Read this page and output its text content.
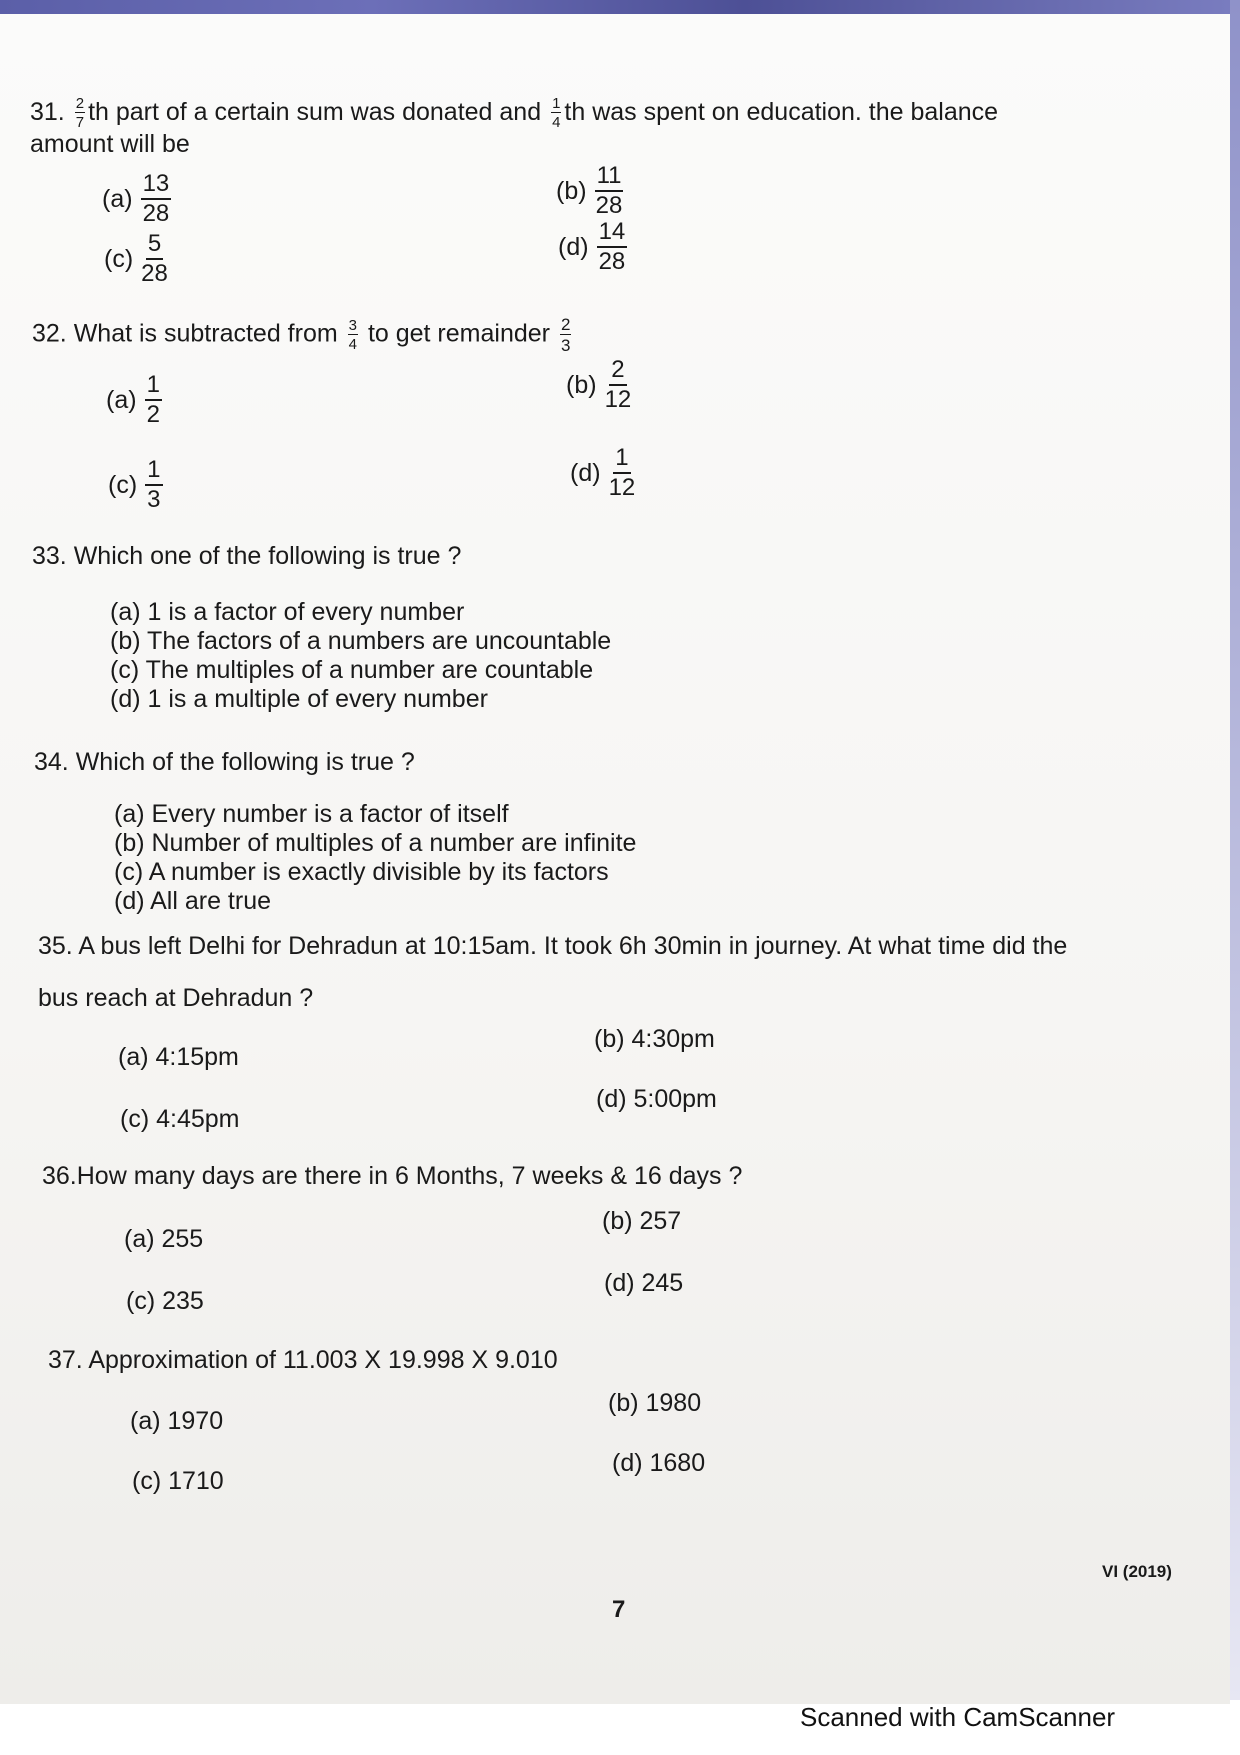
31. $\frac{2}{7}$ th part of a certain sum was donated and $\frac{1}{4}$ th was spent on education. the balance
amount will be
$(a) \frac{13}{28}$	$(b) \frac{11}{28}$
$(c) \frac{5}{28}$	$(d) \frac{14}{28}$
32. What is subtracted from $\frac{3}{4}$ to get remainder $\frac{2}{3}$
$(a) \frac{1}{2}$	$(b) \frac{2}{12}$
$(c) \frac{1}{3}$	$(d) \frac{1}{12}$
33. Which one of the following is true ?
(a) 1 is a factor of every number
(b) The factors of a numbers are uncountable
(c) The multiples of a number are countable
(d) 1 is a multiple of every number
34. Which of the following is true ?
(a) Every number is a factor of itself
(b) Number of multiples of a number are infinite
(c) A number is exactly divisible by its factors
(d) All are true
35. A bus left Delhi for Dehradun at 10:15am. It took 6h 30min in journey. At what time did the
bus reach at Dehradun ?
(a) 4:15pm
(b) 4:30pm
(c) 4:45pm
(d) 5:00pm
36.How many days are there in 6 Months, 7 weeks & 16 days ?
(a) 255
(b) 257
(c) 235
(d) 245
37. Approximation of 11.003 X 19.998 X 9.010
(a) 1970
(b) 1980
(c) 1710
(d) 1680
VI (2019)
7
Scanned with CamScanner
